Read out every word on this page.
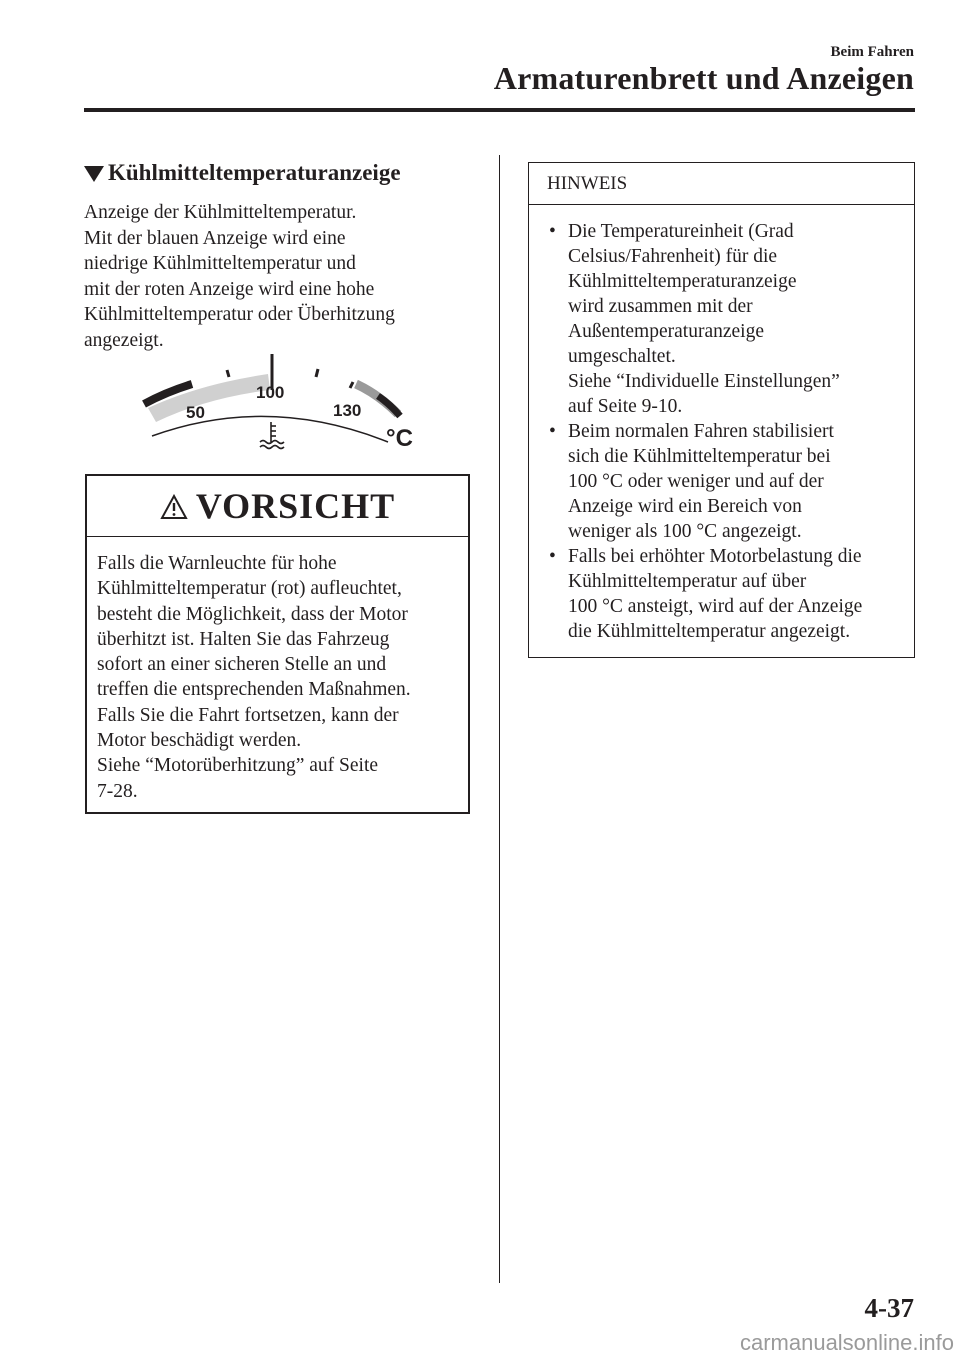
Beim Fahren
Armaturenbrett und Anzeigen
Kühlmitteltemperaturanzeige
Anzeige der Kühlmitteltemperatur.
Mit der blauen Anzeige wird eine
niedrige Kühlmitteltemperatur und
mit der roten Anzeige wird eine hohe
Kühlmitteltemperatur oder Überhitzung
angezeigt.
50
100
130
°C
VORSICHT
Falls die Warnleuchte für hohe
Kühlmitteltemperatur (rot) aufleuchtet,
besteht die Möglichkeit, dass der Motor
überhitzt ist. Halten Sie das Fahrzeug
sofort an einer sicheren Stelle an und
treffen die entsprechenden Maßnahmen.
Falls Sie die Fahrt fortsetzen, kann der
Motor beschädigt werden.
Siehe “Motorüberhitzung” auf Seite
7-28.
HINWEIS
• Die Temperatureinheit (Grad
Celsius/Fahrenheit) für die
Kühlmitteltemperaturanzeige
wird zusammen mit der
Außentemperaturanzeige
umgeschaltet.
Siehe “Individuelle Einstellungen”
auf Seite 9-10.
• Beim normalen Fahren stabilisiert
sich die Kühlmitteltemperatur bei
100 °C oder weniger und auf der
Anzeige wird ein Bereich von
weniger als 100 °C angezeigt.
• Falls bei erhöhter Motorbelastung die
Kühlmitteltemperatur auf über
100 °C ansteigt, wird auf der Anzeige
die Kühlmitteltemperatur angezeigt.
4-37
carmanualsonline.info
